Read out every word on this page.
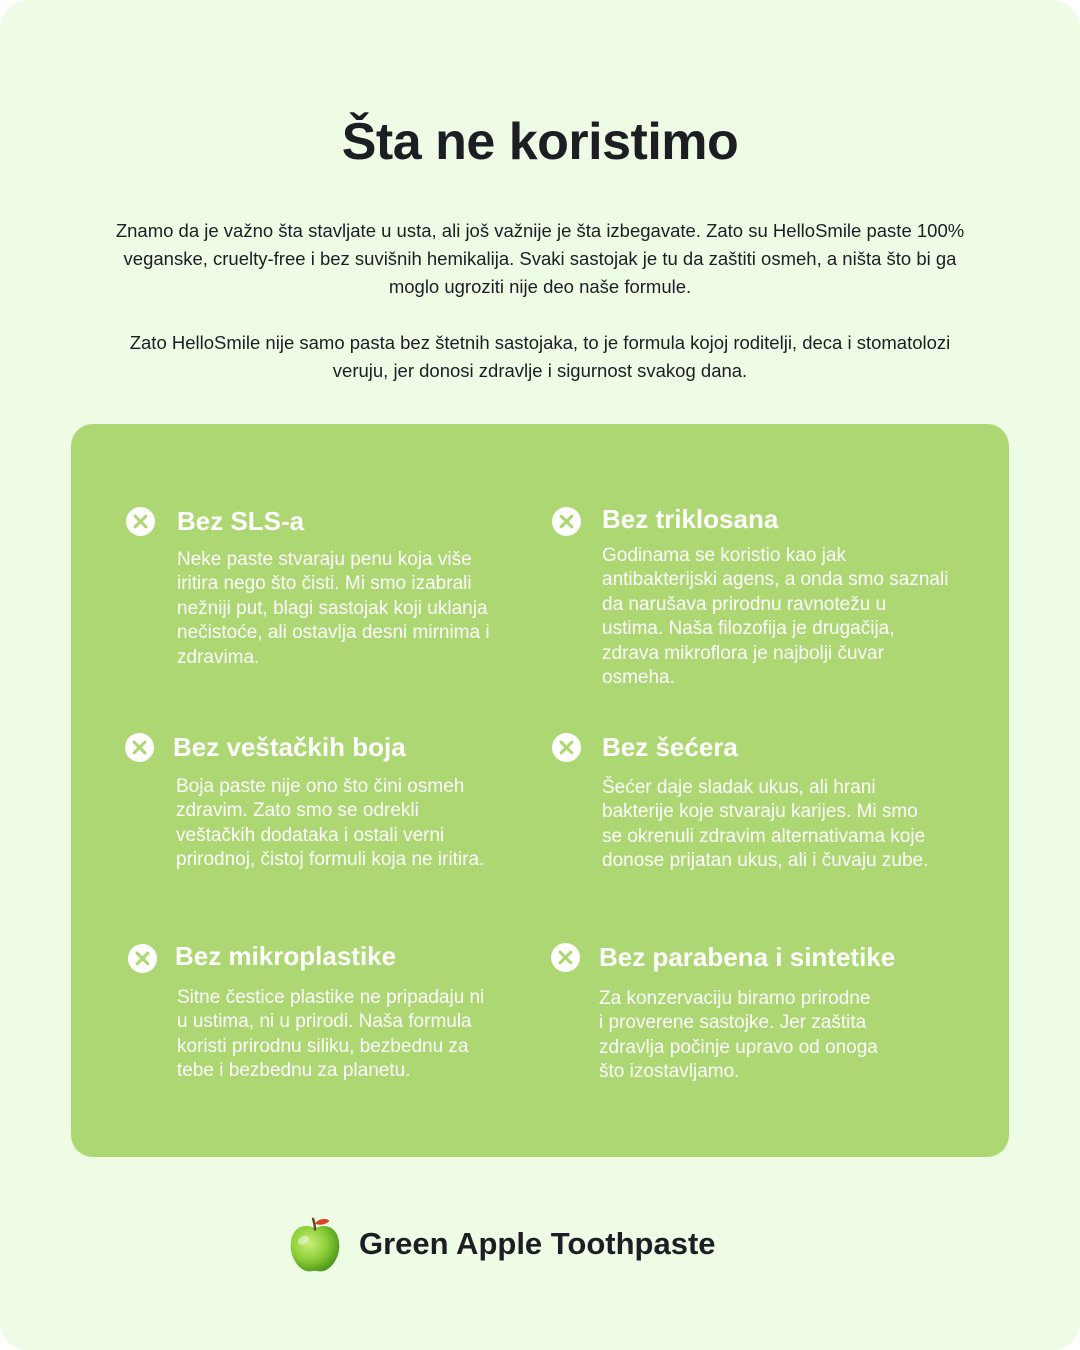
Šta ne koristimo

Znamo da je važno šta stavljate u usta, ali još važnije je šta izbegavate. Zato su HelloSmile paste 100% veganske, cruelty-free i bez suvišnih hemikalija. Svaki sastojak je tu da zaštiti osmeh, a ništa što bi ga moglo ugroziti nije deo naše formule.

Zato HelloSmile nije samo pasta bez štetnih sastojaka, to je formula kojoj roditelji, deca i stomatolozi veruju, jer donosi zdravlje i sigurnost svakog dana.

Bez SLS-a

Neke paste stvaraju penu koja više iritira nego što čisti. Mi smo izabrali nežniji put, blagi sastojak koji uklanja nečistoće, ali ostavlja desni mirnima i zdravima.

Bez triklosana

Godinama se koristio kao jak antibakterijski agens, a onda smo saznali da narušava prirodnu ravnotežu u ustima. Naša filozofija je drugačija, zdrava mikroflora je najbolji čuvar osmeha.

Bez veštačkih boja

Boja paste nije ono što čini osmeh zdravim. Zato smo se odrekli veštačkih dodataka i ostali verni prirodnoj, čistoj formuli koja ne iritira.

Bez šećera

Šećer daje sladak ukus, ali hrani bakterije koje stvaraju karijes. Mi smo se okrenuli zdravim alternativama koje donose prijatan ukus, ali i čuvaju zube.

Bez mikroplastike

Sitne čestice plastike ne pripadaju ni u ustima, ni u prirodi. Naša formula koristi prirodnu siliku, bezbednu za tebe i bezbednu za planetu.

Bez parabena i sintetike

Za konzervaciju biramo prirodne i proverene sastojke. Jer zaštita zdravlja počinje upravo od onoga što izostavljamo.

Green Apple Toothpaste
